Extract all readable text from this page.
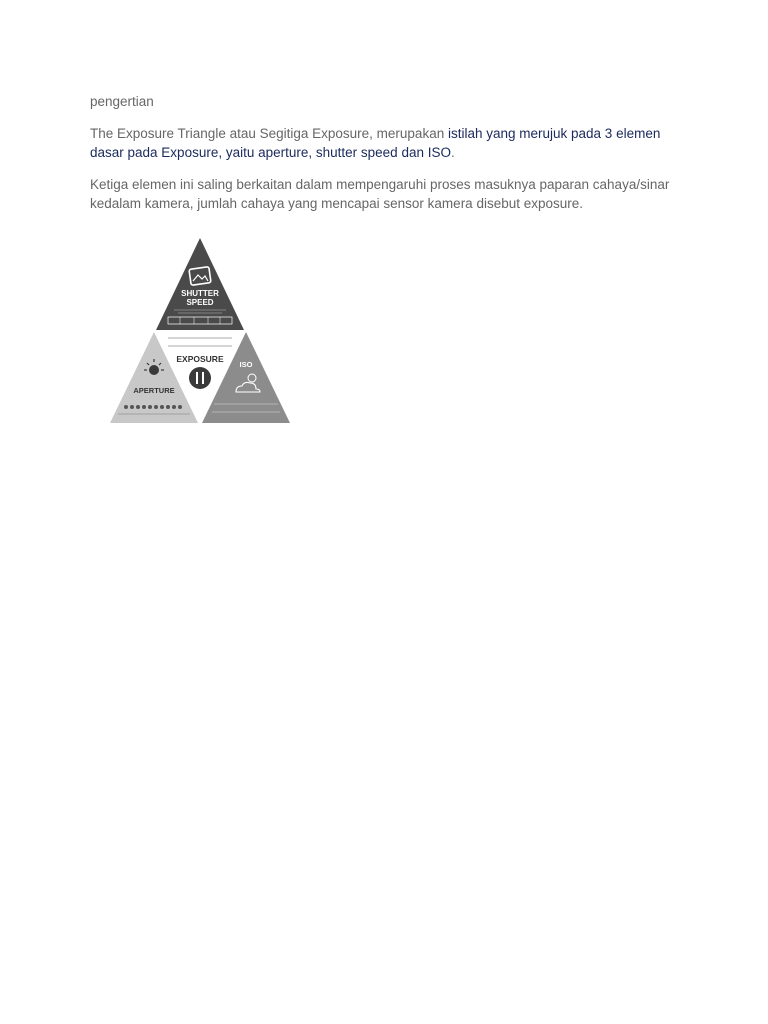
pengertian
The Exposure Triangle atau Segitiga Exposure, merupakan istilah yang merujuk pada 3 elemen dasar pada Exposure, yaitu aperture, shutter speed dan ISO.
Ketiga elemen ini saling berkaitan dalam mempengaruhi proses masuknya paparan cahaya/sinar kedalam kamera, jumlah cahaya yang mencapai sensor kamera disebut exposure.
SHUTTER
SPEED
EXPOSURE
APERTURE
ISO
